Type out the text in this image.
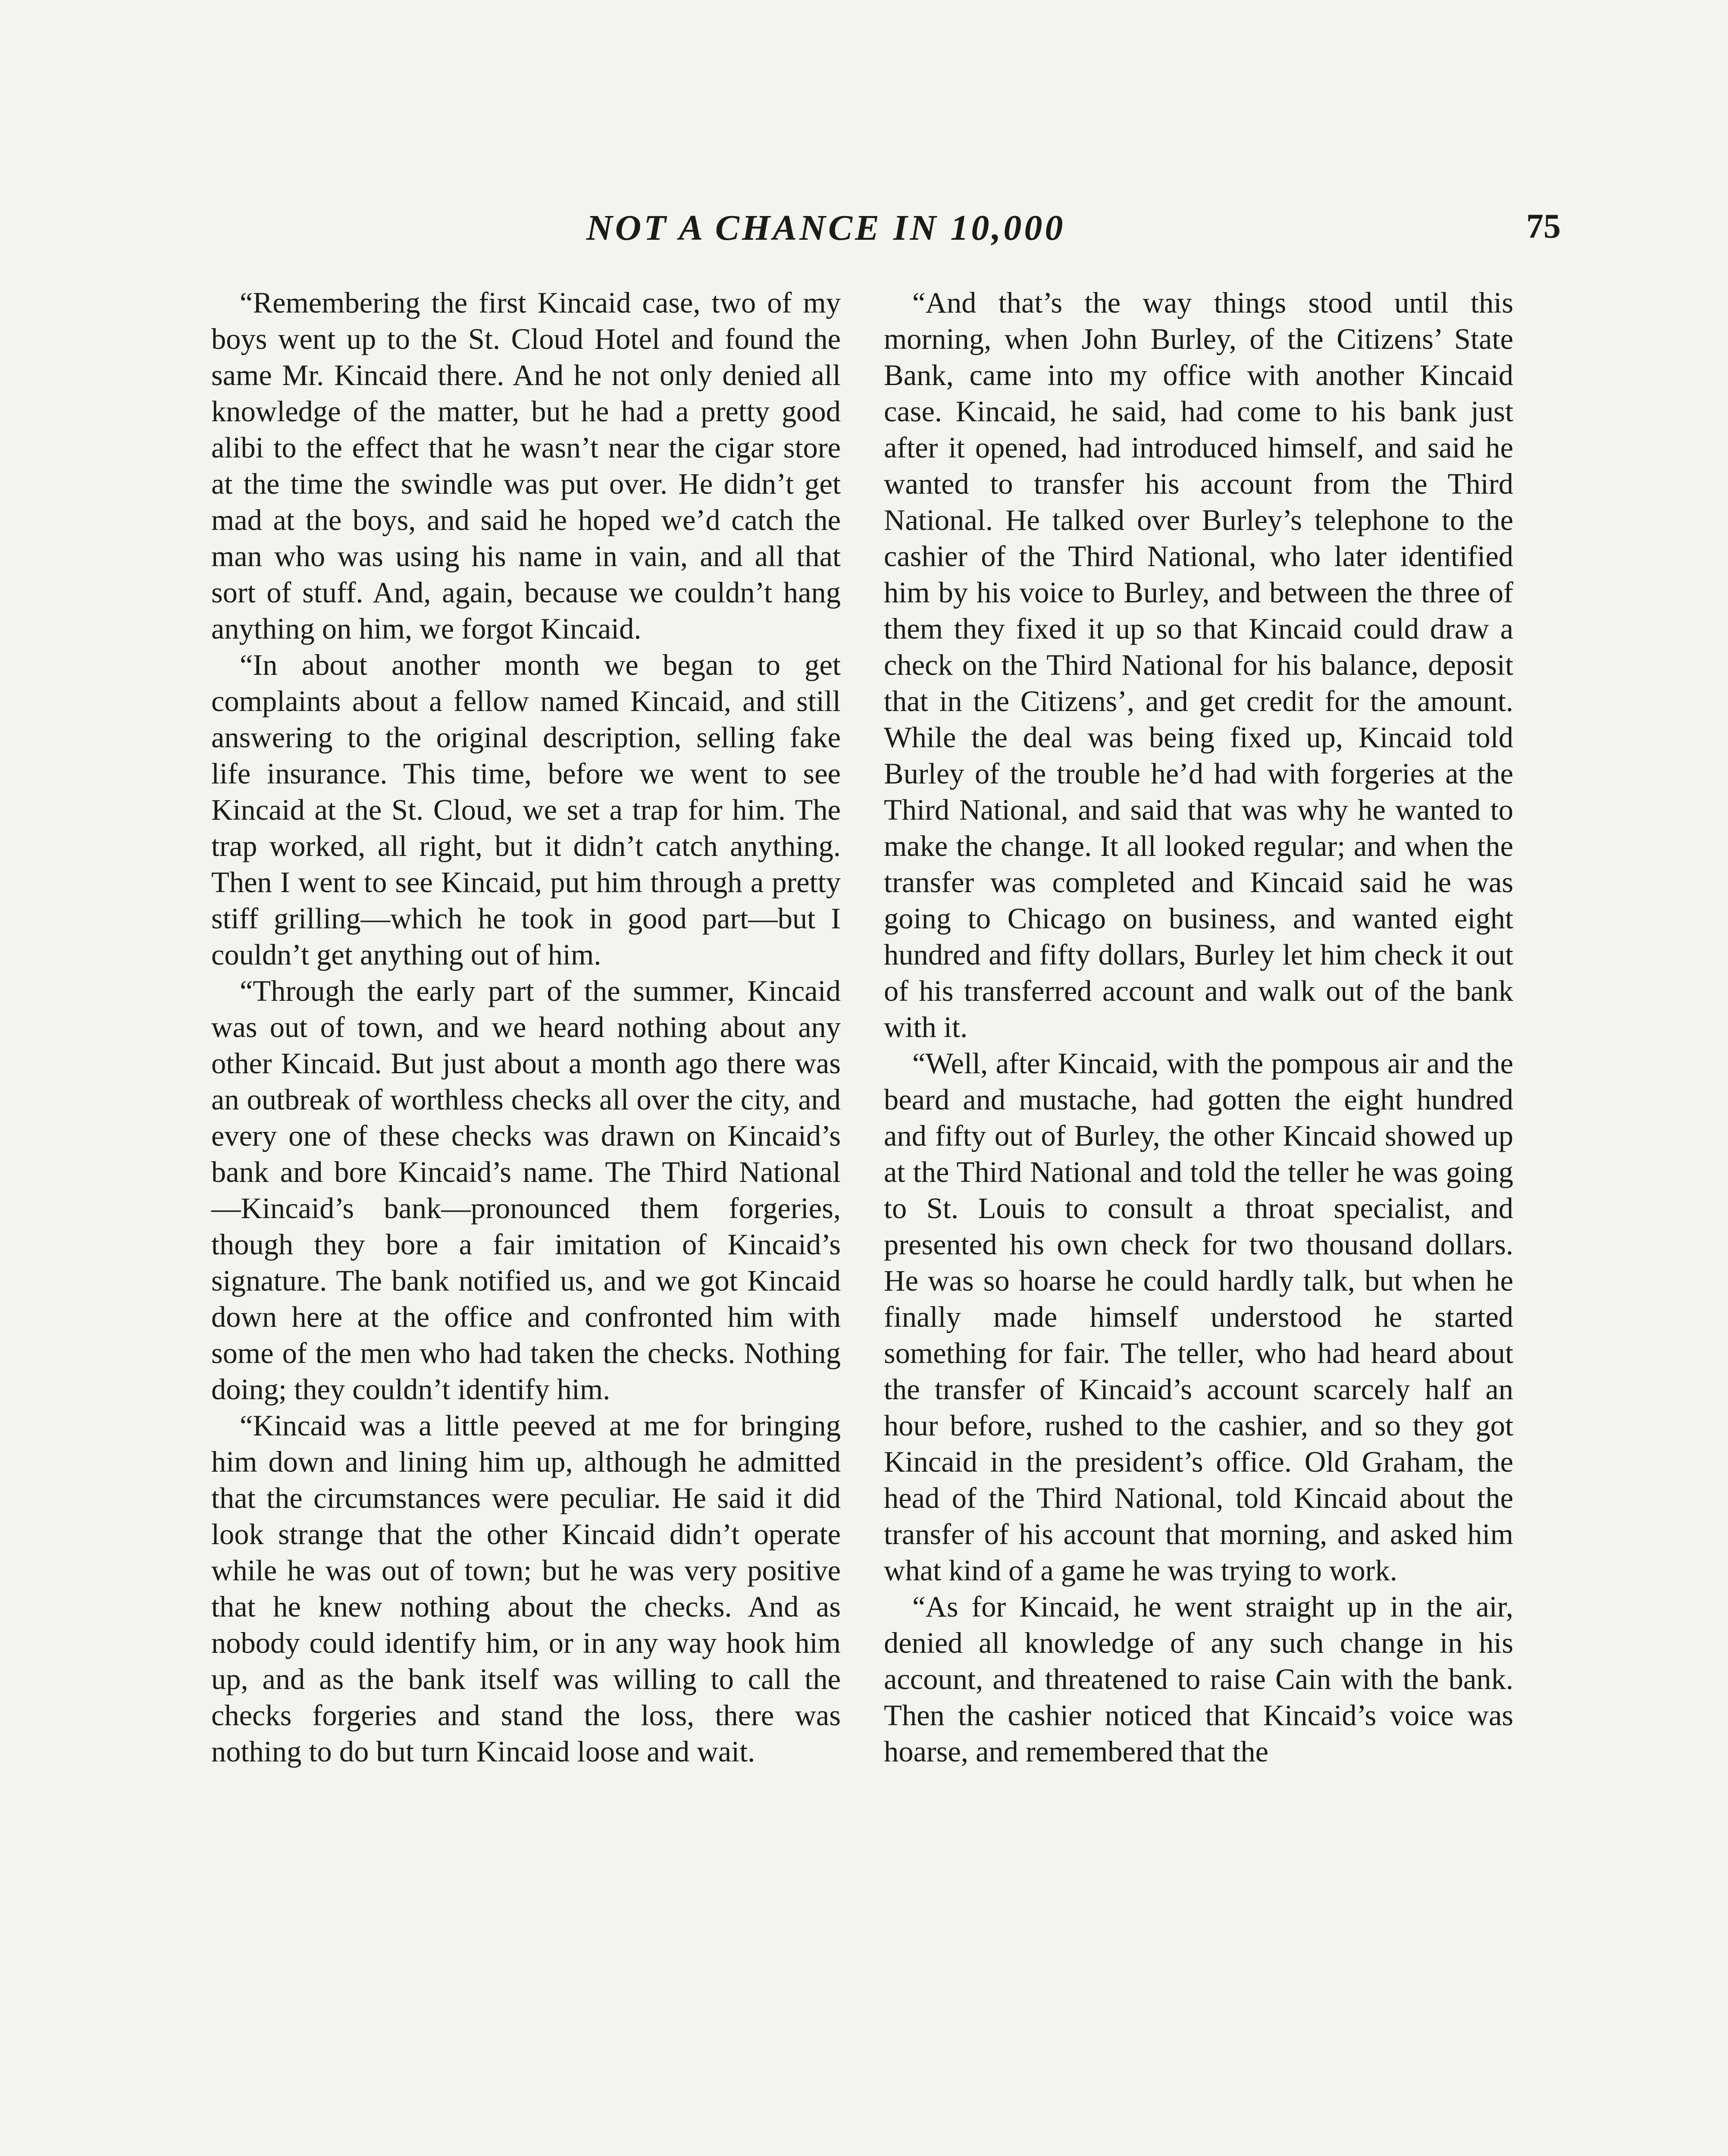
NOT A CHANCE IN 10,000	75

“Remembering the first Kincaid case, two of my boys went up to the St. Cloud Hotel and found the same Mr. Kincaid there. And he not only denied all knowledge of the matter, but he had a pretty good alibi to the effect that he wasn’t near the cigar store at the time the swindle was put over. He didn’t get mad at the boys, and said he hoped we’d catch the man who was using his name in vain, and all that sort of stuff. And, again, because we couldn’t hang anything on him, we forgot Kincaid.

“In about another month we began to get complaints about a fellow named Kincaid, and still answering to the original description, selling fake life insurance. This time, before we went to see Kincaid at the St. Cloud, we set a trap for him. The trap worked, all right, but it didn’t catch anything. Then I went to see Kincaid, put him through a pretty stiff grilling—which he took in good part—but I couldn’t get anything out of him.

“Through the early part of the summer, Kincaid was out of town, and we heard nothing about any other Kincaid. But just about a month ago there was an outbreak of worthless checks all over the city, and every one of these checks was drawn on Kincaid’s bank and bore Kincaid’s name. The Third National—Kincaid’s bank—pronounced them forgeries, though they bore a fair imitation of Kincaid’s signature. The bank notified us, and we got Kincaid down here at the office and confronted him with some of the men who had taken the checks. Nothing doing; they couldn’t identify him.

“Kincaid was a little peeved at me for bringing him down and lining him up, although he admitted that the circumstances were peculiar. He said it did look strange that the other Kincaid didn’t operate while he was out of town; but he was very positive that he knew nothing about the checks. And as nobody could identify him, or in any way hook him up, and as the bank itself was willing to call the checks forgeries and stand the loss, there was nothing to do but turn Kincaid loose and wait.

“And that’s the way things stood until this morning, when John Burley, of the Citizens’ State Bank, came into my office with another Kincaid case. Kincaid, he said, had come to his bank just after it opened, had introduced himself, and said he wanted to transfer his account from the Third National. He talked over Burley’s telephone to the cashier of the Third National, who later identified him by his voice to Burley, and between the three of them they fixed it up so that Kincaid could draw a check on the Third National for his balance, deposit that in the Citizens’, and get credit for the amount. While the deal was being fixed up, Kincaid told Burley of the trouble he’d had with forgeries at the Third National, and said that was why he wanted to make the change. It all looked regular; and when the transfer was completed and Kincaid said he was going to Chicago on business, and wanted eight hundred and fifty dollars, Burley let him check it out of his transferred account and walk out of the bank with it.

“Well, after Kincaid, with the pompous air and the beard and mustache, had gotten the eight hundred and fifty out of Burley, the other Kincaid showed up at the Third National and told the teller he was going to St. Louis to consult a throat specialist, and presented his own check for two thousand dollars. He was so hoarse he could hardly talk, but when he finally made himself understood he started something for fair. The teller, who had heard about the transfer of Kincaid’s account scarcely half an hour before, rushed to the cashier, and so they got Kincaid in the president’s office. Old Graham, the head of the Third National, told Kincaid about the transfer of his account that morning, and asked him what kind of a game he was trying to work.

“As for Kincaid, he went straight up in the air, denied all knowledge of any such change in his account, and threatened to raise Cain with the bank. Then the cashier noticed that Kincaid’s voice was hoarse, and remembered that the
